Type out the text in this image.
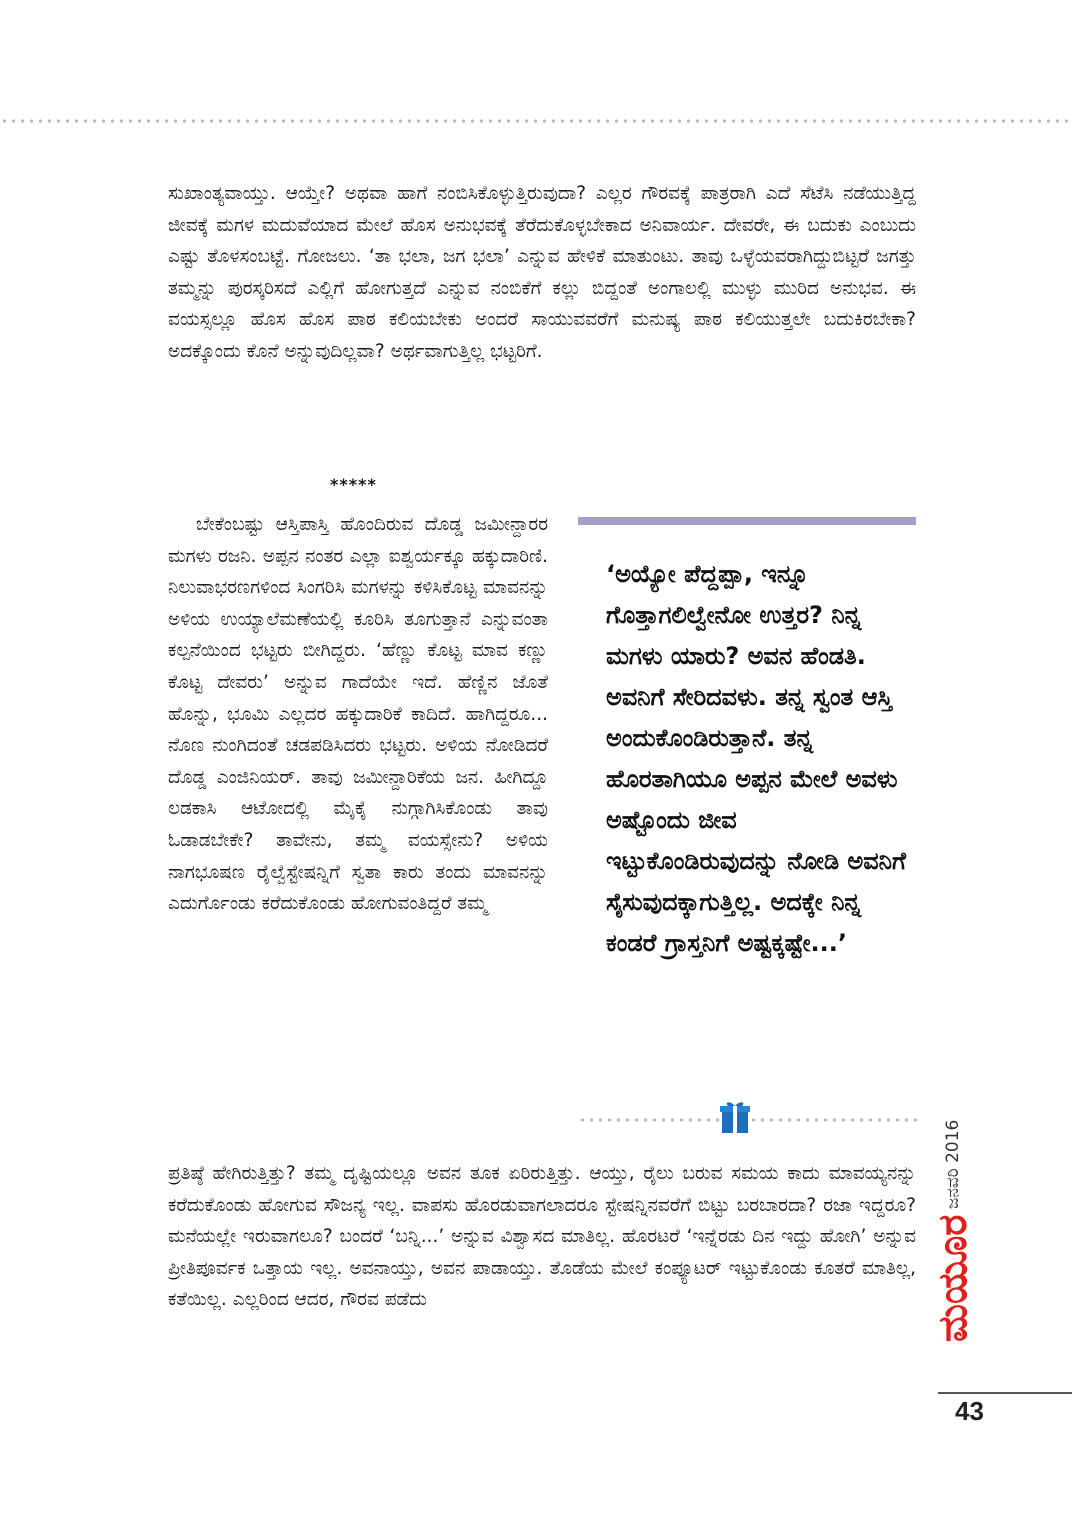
ಸುಖಾಂತ್ಯವಾಯ್ತು. ಆಯ್ತೇ? ಅಥವಾ ಹಾಗೆ ನಂಬಿಸಿಕೊಳ್ಳುತ್ತಿರುವುದಾ? ಎಲ್ಲರ ಗೌರವಕ್ಕೆ ಪಾತ್ರರಾಗಿ ಎದೆ ಸೆಟೆಸಿ ನಡೆಯುತ್ತಿದ್ದ ಜೀವಕ್ಕೆ ಮಗಳ ಮದುವೆಯಾದ ಮೇಲೆ ಹೊಸ ಅನುಭವಕ್ಕೆ ತೆರೆದುಕೊಳ್ಳಬೇಕಾದ ಅನಿವಾರ್ಯ. ದೇವರೇ, ಈ ಬದುಕು ಎಂಬುದು ಎಷ್ಟು ತೊಳಸಂಬಟ್ಟೆ. ಗೋಜಲು. ‘ತಾ ಭಲಾ, ಜಗ ಭಲಾ’ ಎನ್ನುವ ಹೇಳಿಕೆ ಮಾತುಂಟು. ತಾವು ಒಳ್ಳೆಯವರಾಗಿದ್ದುಬಿಟ್ಟರೆ ಜಗತ್ತು ತಮ್ಮನ್ನು ಪುರಸ್ಕರಿಸದೆ ಎಲ್ಲಿಗೆ ಹೋಗುತ್ತದೆ ಎನ್ನುವ ನಂಬಿಕೆಗೆ ಕಲ್ಲು ಬಿದ್ದಂತೆ ಅಂಗಾಲಲ್ಲಿ ಮುಳ್ಳು ಮುರಿದ ಅನುಭವ. ಈ ವಯಸ್ಸಲ್ಲೂ ಹೊಸ ಹೊಸ ಪಾಠ ಕಲಿಯಬೇಕು ಅಂದರೆ ಸಾಯುವವರೆಗೆ ಮನುಷ್ಯ ಪಾಠ ಕಲಿಯುತ್ತಲೇ ಬದುಕಿರಬೇಕಾ? ಅದಕ್ಕೊಂದು ಕೊನೆ ಅನ್ನುವುದಿಲ್ಲವಾ? ಅರ್ಥವಾಗುತ್ತಿಲ್ಲ ಭಟ್ಟರಿಗೆ.

*****

ಬೇಕೆಂಬಷ್ಟು ಆಸ್ತಿಪಾಸ್ತಿ ಹೊಂದಿರುವ ದೊಡ್ಡ ಜಮೀನ್ದಾರರ ಮಗಳು ರಜನಿ. ಅಪ್ಪನ ನಂತರ ಎಲ್ಲಾ ಐಶ್ವರ್ಯಕ್ಕೂ ಹಕ್ಕುದಾರಿಣಿ. ನಿಲುವಾಭರಣಗಳಿಂದ ಸಿಂಗರಿಸಿ ಮಗಳನ್ನು ಕಳಿಸಿಕೊಟ್ಟ ಮಾವನನ್ನು ಅಳಿಯ ಉಯ್ಯಾಲೆಮಣೆಯಲ್ಲಿ ಕೂರಿಸಿ ತೂಗುತ್ತಾನೆ ಎನ್ನುವಂತಾ ಕಲ್ಪನೆಯಿಂದ ಭಟ್ಟರು ಬೀಗಿದ್ದರು. ‘ಹೆಣ್ಣು ಕೊಟ್ಟ ಮಾವ ಕಣ್ಣು ಕೊಟ್ಟ ದೇವರು’ ಅನ್ನುವ ಗಾದೆಯೇ ಇದೆ. ಹೆಣ್ಣಿನ ಜೊತೆ ಹೊನ್ನು, ಭೂಮಿ ಎಲ್ಲದರ ಹಕ್ಕುದಾರಿಕೆ ಕಾದಿದೆ. ಹಾಗಿದ್ದರೂ... ನೊಣ ನುಂಗಿದಂತೆ ಚಡಪಡಿಸಿದರು ಭಟ್ಟರು. ಅಳಿಯ ನೋಡಿದರೆ ದೊಡ್ಡ ಎಂಜಿನಿಯರ್. ತಾವು ಜಮೀನ್ದಾರಿಕೆಯ ಜನ. ಹೀಗಿದ್ದೂ ಲಡಕಾಸಿ ಆಟೋದಲ್ಲಿ ಮೈಕೈ ನುಗ್ಗಾಗಿಸಿಕೊಂಡು ತಾವು ಓಡಾಡಬೇಕೇ? ತಾವೇನು, ತಮ್ಮ ವಯಸ್ಸೇನು? ಅಳಿಯ ನಾಗಭೂಷಣ ರೈಲ್ವೆಸ್ಟೇಷನ್ನಿಗೆ ಸ್ವತಾ ಕಾರು ತಂದು ಮಾವನನ್ನು ಎದುರ್ಗೊಂಡು ಕರೆದುಕೊಂಡು ಹೋಗುವಂತಿದ್ದರೆ ತಮ್ಮ

‘ಅಯ್ಯೋ ಪೆದ್ದಪ್ಪಾ, ಇನ್ನೂ ಗೊತ್ತಾಗಲಿಲ್ವೇನೋ ಉತ್ತರ? ನಿನ್ನ ಮಗಳು ಯಾರು? ಅವನ ಹೆಂಡತಿ. ಅವನಿಗೆ ಸೇರಿದವಳು. ತನ್ನ ಸ್ವಂತ ಆಸ್ತಿ ಅಂದುಕೊಂಡಿರುತ್ತಾನೆ. ತನ್ನ ಹೊರತಾಗಿಯೂ ಅಪ್ಪನ ಮೇಲೆ ಅವಳು ಅಷ್ಟೊಂದು ಜೀವ ಇಟ್ಟುಕೊಂಡಿರುವುದನ್ನು ನೋಡಿ ಅವನಿಗೆ ಸೈಸುವುದಕ್ಕಾಗುತ್ತಿಲ್ಲ. ಅದಕ್ಕೇ ನಿನ್ನ ಕಂಡರೆ ಗ್ರಾಸ್ತನಿಗೆ ಅಷ್ಟಕ್ಕಷ್ಟೇ...’

ಪ್ರತಿಷ್ಠೆ ಹೇಗಿರುತ್ತಿತ್ತು? ತಮ್ಮ ದೃಷ್ಟಿಯಲ್ಲೂ ಅವನ ತೂಕ ಏರಿರುತ್ತಿತ್ತು. ಆಯ್ತು, ರೈಲು ಬರುವ ಸಮಯ ಕಾದು ಮಾವಯ್ಯನನ್ನು ಕರೆದುಕೊಂಡು ಹೋಗುವ ಸೌಜನ್ಯ ಇಲ್ಲ. ವಾಪಸು ಹೊರಡುವಾಗಲಾದರೂ ಸ್ಟೇಷನ್ನಿನವರೆಗೆ ಬಿಟ್ಟು ಬರಬಾರದಾ? ರಜಾ ಇದ್ದರೂ? ಮನೆಯಲ್ಲೇ ಇರುವಾಗಲೂ? ಬಂದರೆ ‘ಬನ್ನಿ...’ ಅನ್ನುವ ವಿಶ್ವಾಸದ ಮಾತಿಲ್ಲ. ಹೊರಟರೆ ‘ಇನ್ನೆರಡು ದಿನ ಇದ್ದು ಹೋಗಿ’ ಅನ್ನುವ ಪ್ರೀತಿಪೂರ್ವಕ ಒತ್ತಾಯ ಇಲ್ಲ. ಅವನಾಯ್ತು, ಅವನ ಪಾಡಾಯ್ತು. ತೊಡೆಯ ಮೇಲೆ ಕಂಪ್ಯೂಟರ್ ಇಟ್ಟುಕೊಂಡು ಕೂತರೆ ಮಾತಿಲ್ಲ, ಕತೆಯಿಲ್ಲ. ಎಲ್ಲರಿಂದ ಆದರ, ಗೌರವ ಪಡೆದು	ಮಯೂರ ಜನವರಿ 2016
43
